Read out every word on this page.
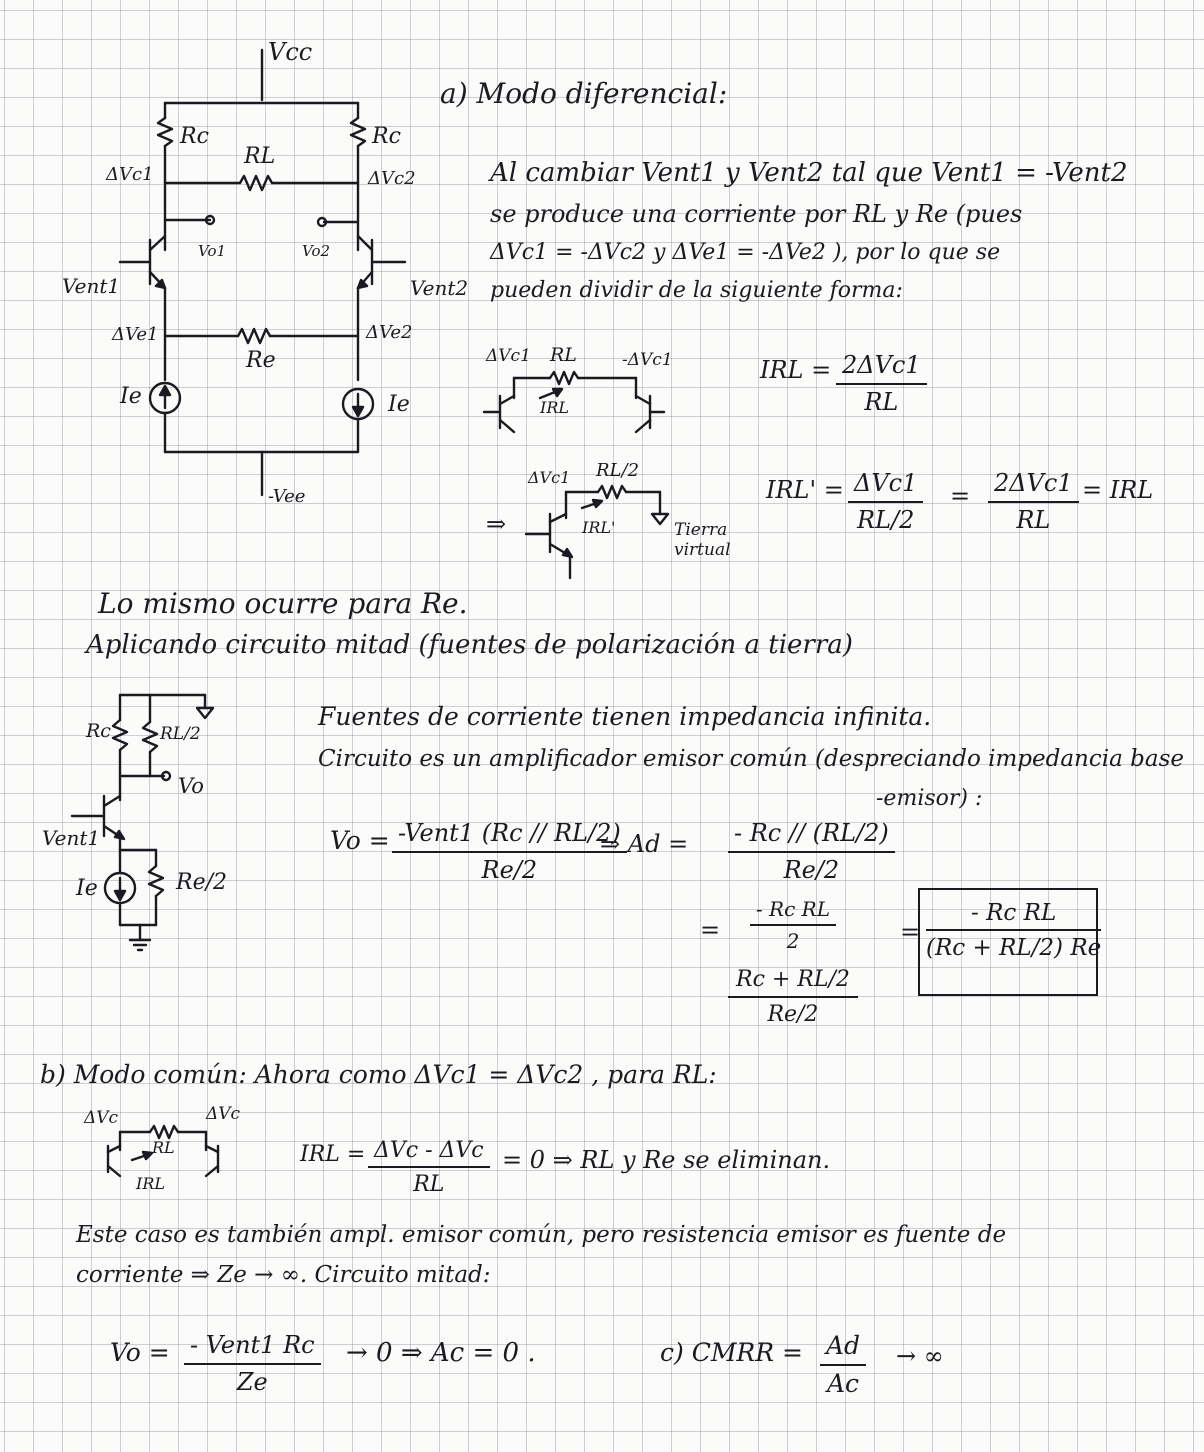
Vcc
Rc	Rc
RL
ΔVc1	ΔVc2
Vo1	Vo2
Vent1	Vent2
ΔVe1	ΔVe2
Re
Ie	Ie
-Vee
a) Modo diferencial:
Al cambiar Vent1 y Vent2 tal que Vent1 = -Vent2
se produce una corriente por RL y Re (pues
ΔVc1 = -ΔVc2 y ΔVe1 = -ΔVe2 ), por lo que se
pueden dividir de la siguiente forma:
ΔVc1 RL	-ΔVc1
IRL
IRL = 2ΔVc1
RL
ΔVc1 RL/2
IRL'	Tierra
virtual
⇒
IRL' = ΔVc1
RL/2
= 2ΔVc1
RL
= IRL
Lo mismo ocurre para Re.
Aplicando circuito mitad (fuentes de polarización a tierra)
Rc	RL/2
Vo
Vent1
Ie	Re/2
Fuentes de corriente tienen impedancia infinita.
Circuito es un amplificador emisor común (despreciando impedancia base
-emisor) :
Vo = -Vent1 (Rc // RL/2)
Re/2
⇒ $Ad = \frac{- Rc // (RL/2)}{Re/2}$
= $\frac{\text{- Rc RL}}{2}$
Rc + RL/2
Re/2
= $\frac{\text{- Rc RL}}{(Rc + RL/2) Re}$
b) Modo común: Ahora como ΔVc1 = ΔVc2 , para RL:
ΔVc	ΔVc
RL
IRL
IRL = ΔVc - ΔVc
RL
= 0 ⇒ RL y Re se eliminan.
Este caso es también ampl. emisor común, pero resistencia emisor es fuente de
corriente ⇒ Ze → ∞. Circuito mitad:
Vo = - Vent1 Rc
Ze
→ 0 ⇒ Ac = 0 .	c) CMRR = $\frac{Ad}{Ac}$ → ∞
